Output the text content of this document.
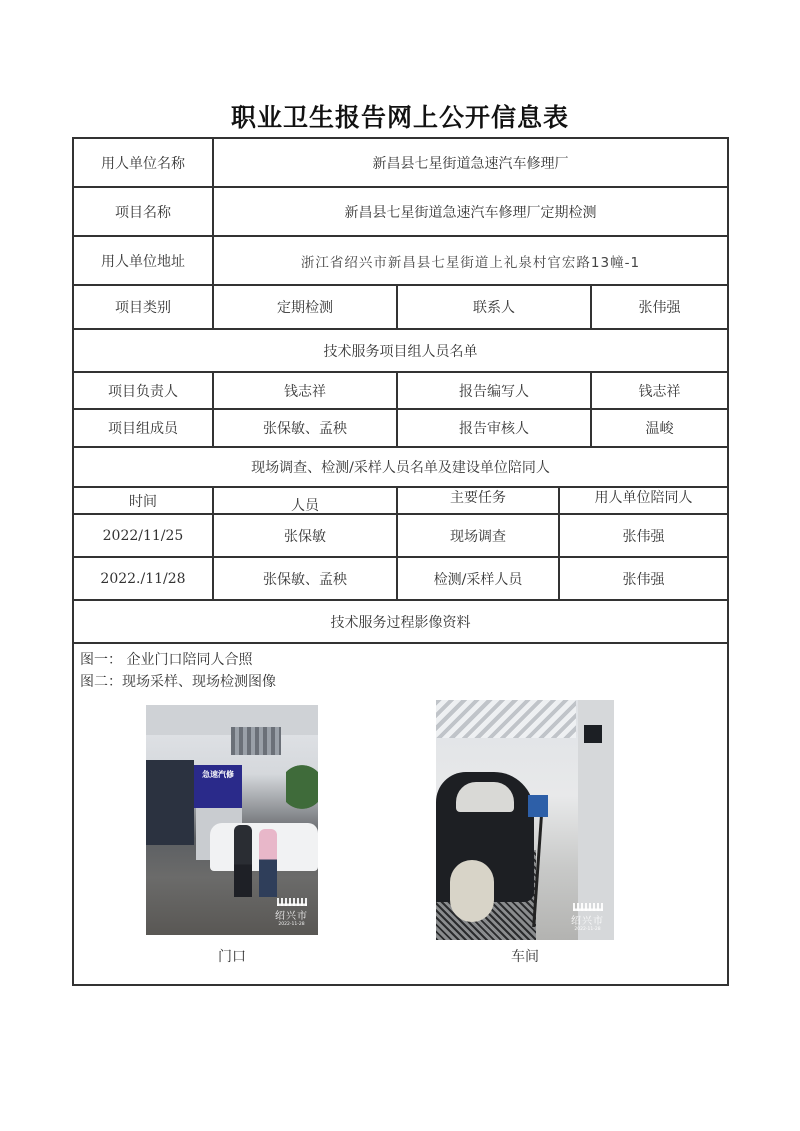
职业卫生报告网上公开信息表
用人单位名称	新昌县七星街道急速汽车修理厂
项目名称	新昌县七星街道急速汽车修理厂定期检测
用人单位地址	浙江省绍兴市新昌县七星街道上礼泉村官宏路13幢-1
项目类别	定期检测	联系人	张伟强
技术服务项目组人员名单
项目负责人	钱志祥	报告编写人	钱志祥
项目组成员	张保敏、孟秧	报告审核人	温峻
现场调查、检测/采样人员名单及建设单位陪同人
时间	人员	主要任务	用人单位陪同人
2022/11/25	张保敏	现场调查	张伟强
2022./11/28	张保敏、孟秧	检测/采样人员	张伟强
技术服务过程影像资料
图一： 企业门口陪同人合照
图二：现场采样、现场检测图像
急速汽修
绍兴市
2022-11-28
门口
绍兴市
2022-11-28
车间
